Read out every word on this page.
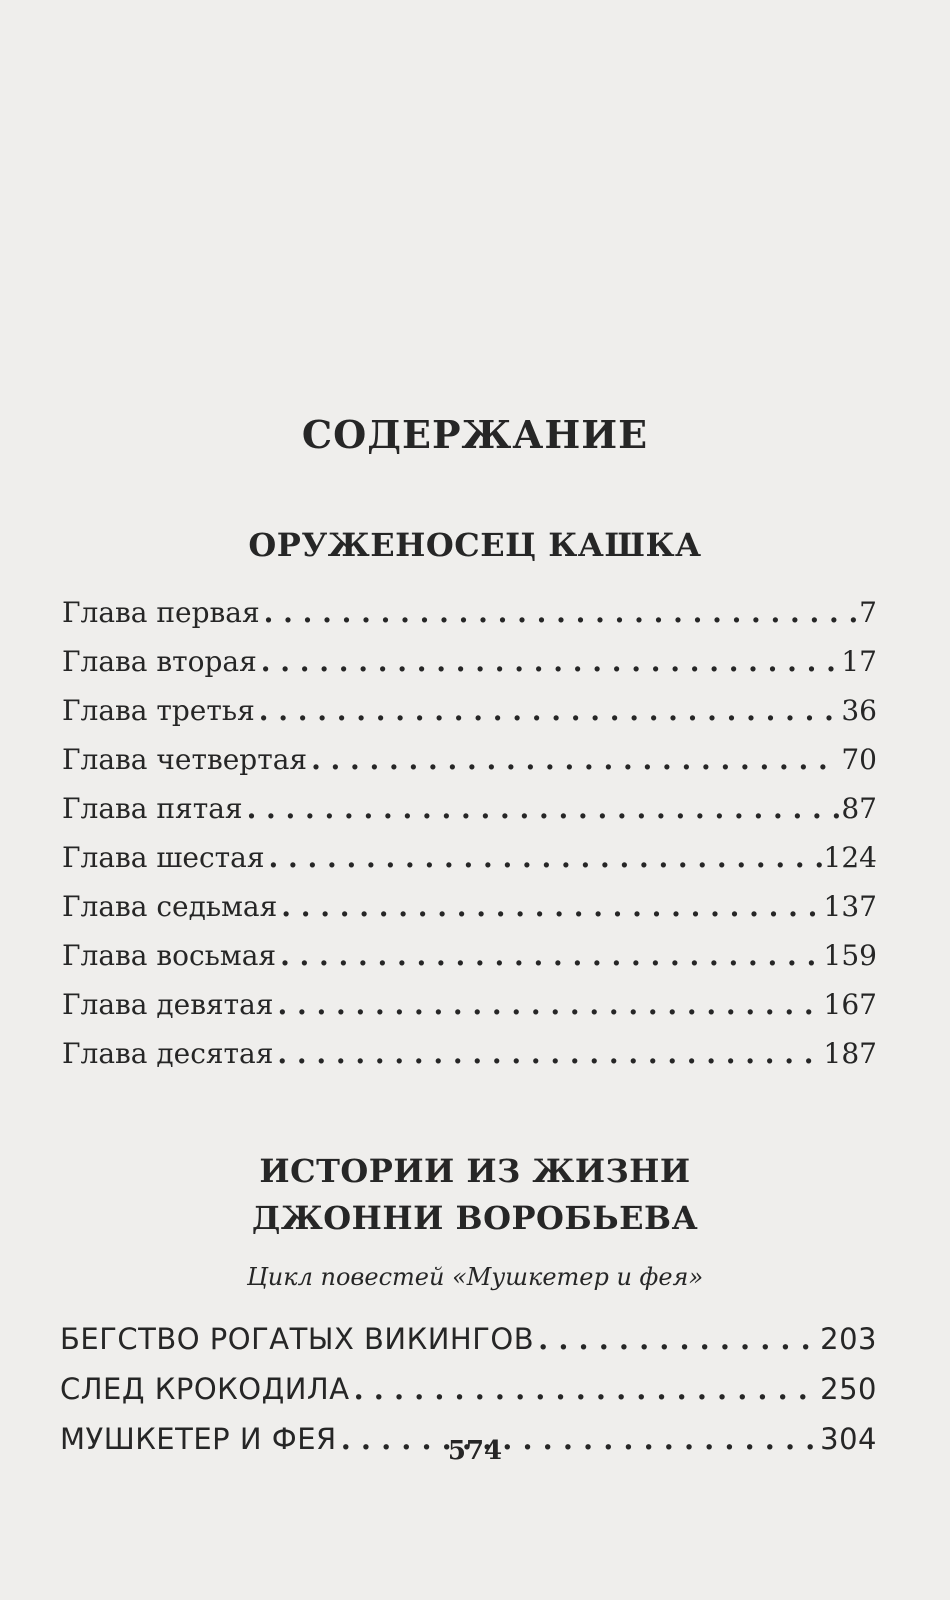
СОДЕРЖАНИЕ
ОРУЖЕНОСЕЦ КАШКА
Глава первая . . .	7
Глава вторая . . .	17
Глава третья . . .	36
Глава четвертая . . .	70
Глава пятая . . .	87
Глава шестая . . .	124
Глава седьмая . . .	137
Глава восьмая . . .	159
Глава девятая . . .	167
Глава десятая . . .	187
ИСТОРИИ ИЗ ЖИЗНИ
ДЖОННИ ВОРОБЬЕВА

Цикл повестей «Мушкетер и фея»

БЕГСТВО РОГАТЫХ ВИКИНГОВ . . .	203
СЛЕД КРОКОДИЛА . . .	250
МУШКЕТЕР И ФЕЯ . . .	304

574
